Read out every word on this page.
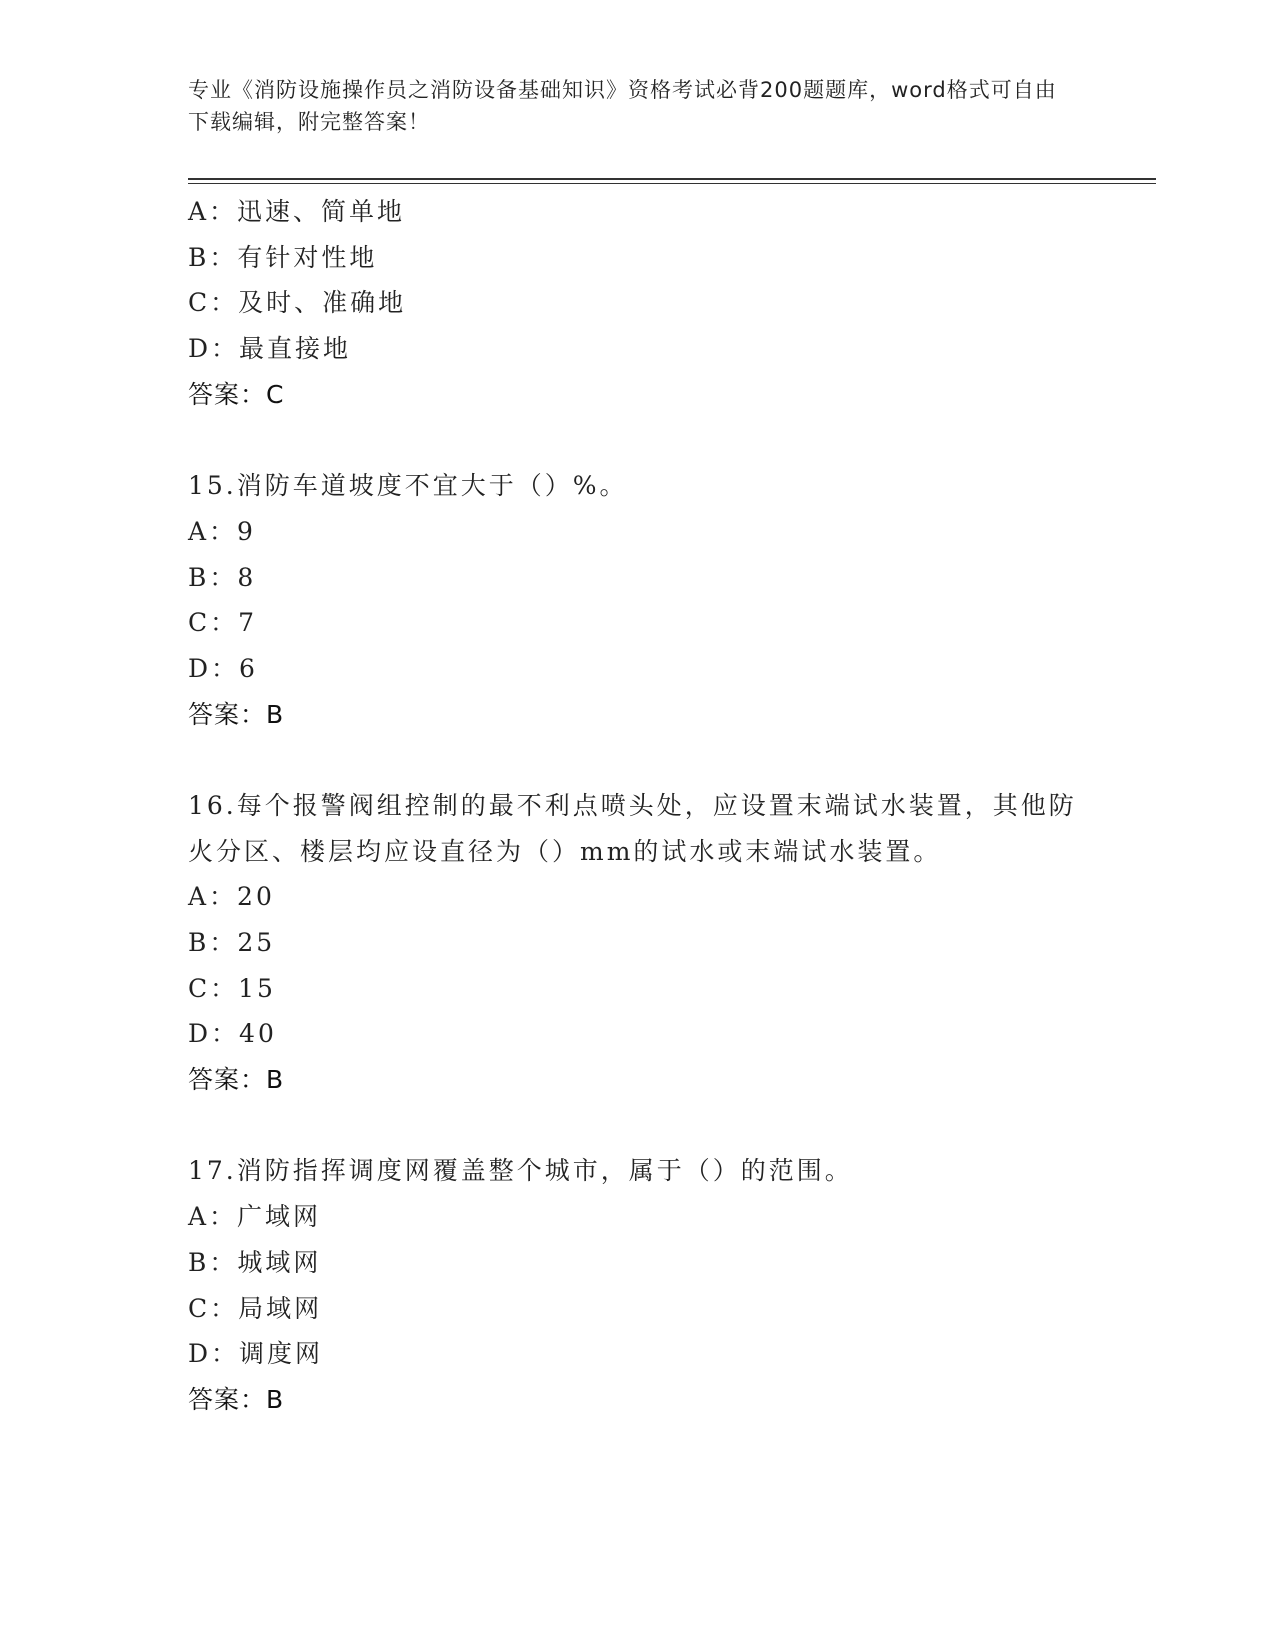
专业《消防设施操作员之消防设备基础知识》资格考试必背200题题库，word格式可自由下载编辑，附完整答案！
A：迅速、简单地
B：有针对性地
C：及时、准确地
D：最直接地
答案：C
15.消防车道坡度不宜大于（）%。
A：9
B：8
C：7
D：6
答案：B
16.每个报警阀组控制的最不利点喷头处，应设置末端试水装置，其他防火分区、楼层均应设直径为（）mm的试水或末端试水装置。
A：20
B：25
C：15
D：40
答案：B
17.消防指挥调度网覆盖整个城市，属于（）的范围。
A：广域网
B：城域网
C：局域网
D：调度网
答案：B
